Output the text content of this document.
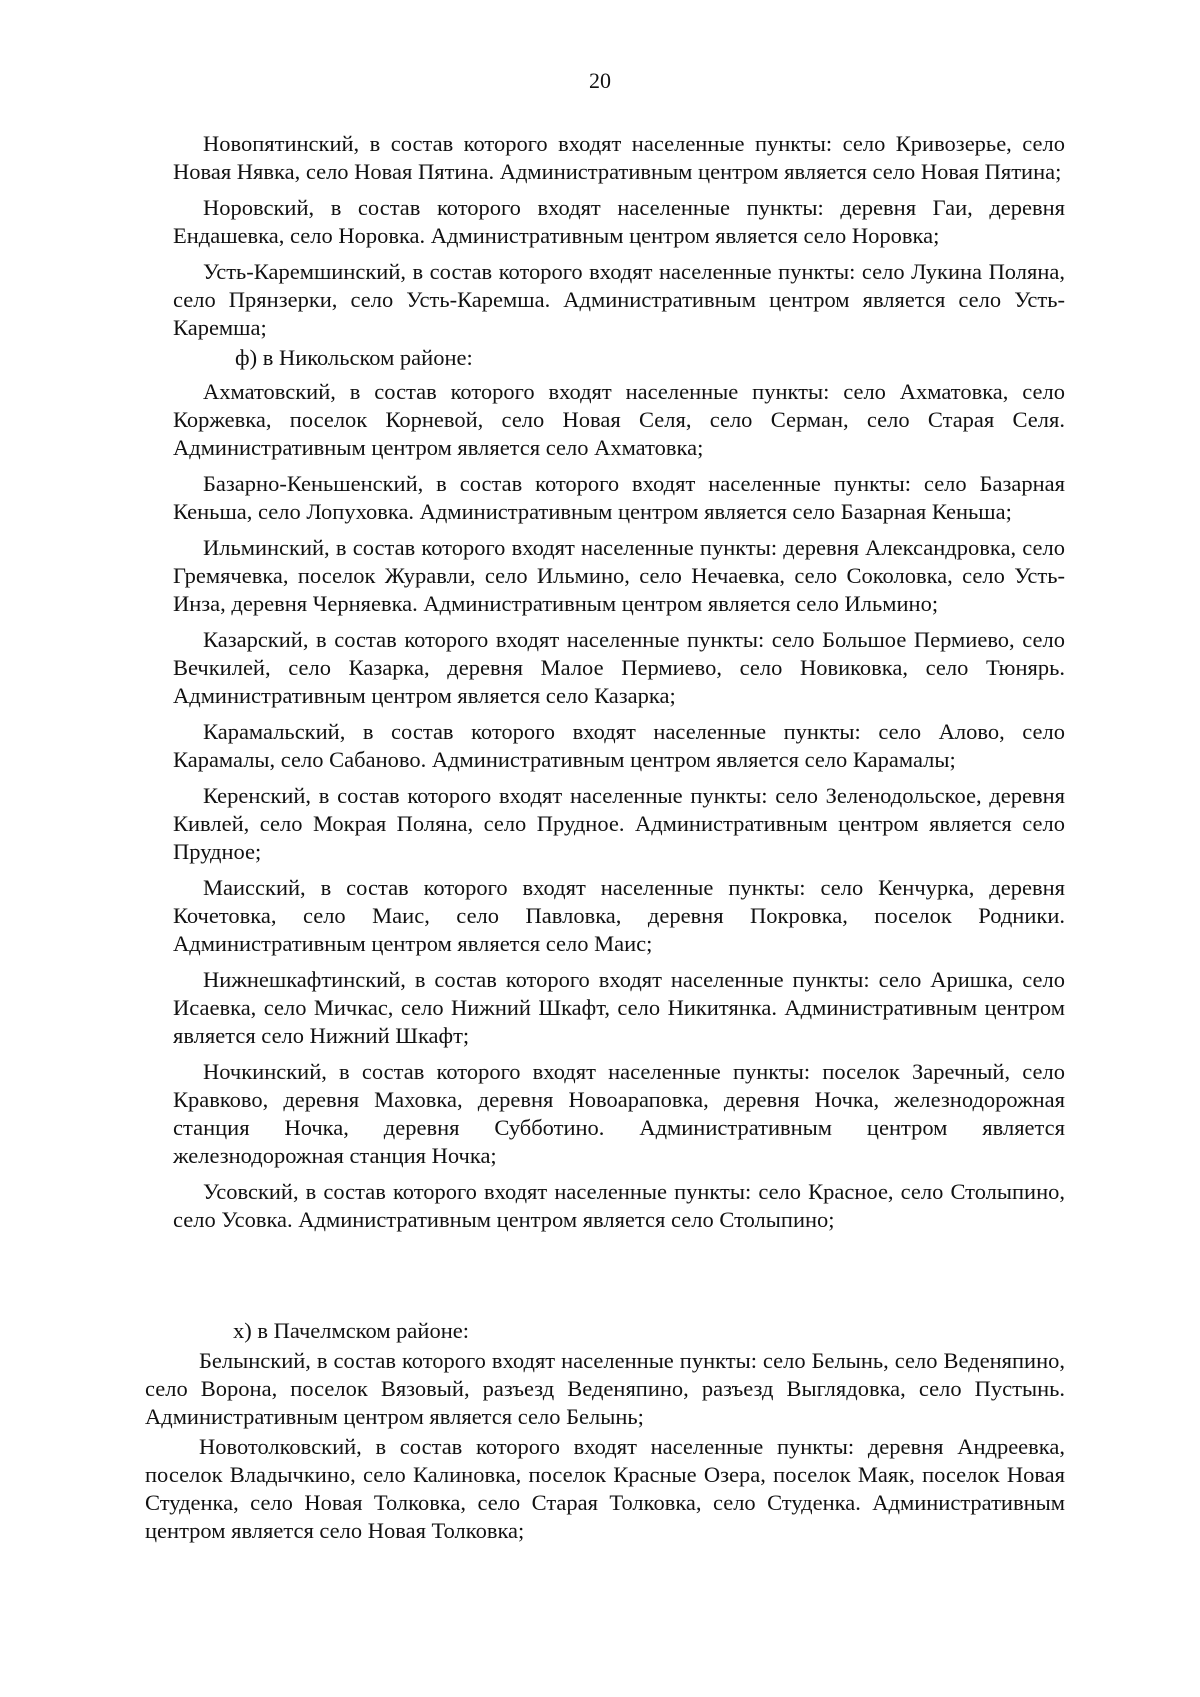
20

Новопятинский, в состав которого входят населенные пункты: село Кривозерье, село Новая Нявка, село Новая Пятина. Административным центром является село Новая Пятина;

Норовский, в состав которого входят населенные пункты: деревня Гаи, деревня Ендашевка, село Норовка. Административным центром является село Норовка;

Усть-Каремшинский, в состав которого входят населенные пункты: село Лукина Поляна, село Прянзерки, село Усть-Каремша. Административным центром является село Усть-Каремша;

ф) в Никольском районе:

Ахматовский, в состав которого входят населенные пункты: село Ахматовка, село Коржевка, поселок Корневой, село Новая Селя, село Серман, село Старая Селя. Административным центром является село Ахматовка;

Базарно-Кеньшенский, в состав которого входят населенные пункты: село Базарная Кеньша, село Лопуховка. Административным центром является село Базарная Кеньша;

Ильминский, в состав которого входят населенные пункты: деревня Александровка, село Гремячевка, поселок Журавли, село Ильмино, село Нечаевка, село Соколовка, село Усть-Инза, деревня Черняевка. Административным центром является село Ильмино;

Казарский, в состав которого входят населенные пункты: село Большое Пермиево, село Вечкилей, село Казарка, деревня Малое Пермиево, село Новиковка, село Тюнярь. Административным центром является село Казарка;

Карамальский, в состав которого входят населенные пункты: село Алово, село Карамалы, село Сабаново. Административным центром является село Карамалы;

Керенский, в состав которого входят населенные пункты: село Зеленодольское, деревня Кивлей, село Мокрая Поляна, село Прудное. Административным центром является село Прудное;

Маисский, в состав которого входят населенные пункты: село Кенчурка, деревня Кочетовка, село Маис, село Павловка, деревня Покровка, поселок Родники. Административным центром является село Маис;

Нижнешкафтинский, в состав которого входят населенные пункты: село Аришка, село Исаевка, село Мичкас, село Нижний Шкафт, село Никитянка. Административным центром является село Нижний Шкафт;

Ночкинский, в состав которого входят населенные пункты: поселок Заречный, село Кравково, деревня Маховка, деревня Новоараповка, деревня Ночка, железнодорожная станция Ночка, деревня Субботино. Административным центром является железнодорожная станция Ночка;

Усовский, в состав которого входят населенные пункты: село Красное, село Столыпино, село Усовка. Административным центром является село Столыпино;

х) в Пачелмском районе:

Белынский, в состав которого входят населенные пункты: село Белынь, село Веденяпино, село Ворона, поселок Вязовый, разъезд Веденяпино, разъезд Выглядовка, село Пустынь. Административным центром является село Белынь;

Новотолковский, в состав которого входят населенные пункты: деревня Андреевка, поселок Владычкино, село Калиновка, поселок Красные Озера, поселок Маяк, поселок Новая Студенка, село Новая Толковка, село Старая Толковка, село Студенка. Административным центром является село Новая Толковка;
